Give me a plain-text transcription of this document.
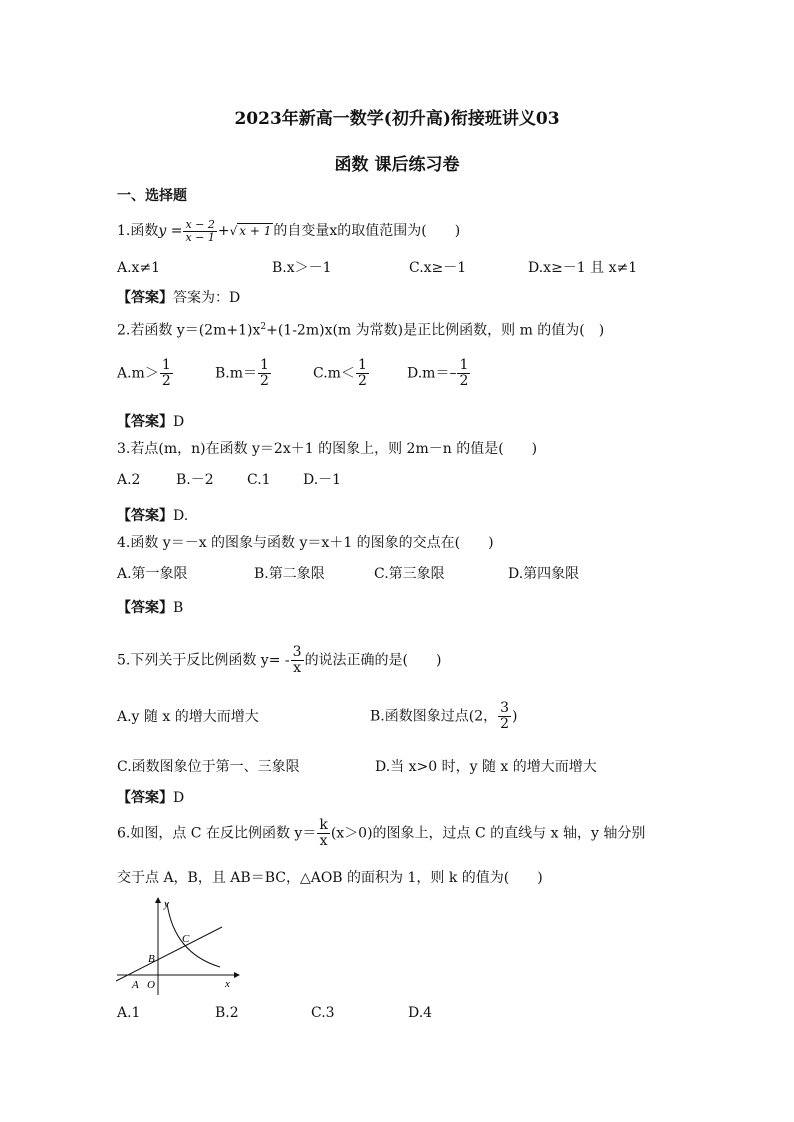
2023年新高一数学(初升高)衔接班讲义03
函数 课后练习卷
一、选择题
1.函数$y = \frac{x - 2}{x - 1}$ +√ x + 1 的自变量x的取值范围为(　　)
A.x≠1	B.x＞－1	C.x≥－1	D.x≥－1 且 x≠1
【答案】答案为：D
2.若函数 $y=(2m+1)x^2+(1-2m)x(m$ 为常数)是正比例函数，则 m 的值为(　)
$A.m> \frac{1}{2}$	$B.m= \frac{1}{2}$	$C.m< \frac{1}{2}$	$D.m=- \frac{1}{2}$
【答案】D
3.若点(m，n)在函数 y＝2x＋1 的图象上，则 2m－n 的值是(　　)
A.2	B.－2 C.1 D.－1
【答案】D.
4.函数 y＝－x 的图象与函数 y＝x＋1 的图象的交点在(　　)
A.第一象限	B.第二象限	C.第三象限	D.第四象限
【答案】B
5.下列关于反比例函数 $y= - \frac{3}{x}$ 的说法正确的是(　　)
A.y 随 x 的增大而增大	B.函数图象过点(2， $\frac{3}{2}$ )
C.函数图象位于第一、三象限	D.当 x>0 时，y 随 x 的增大而增大
【答案】D
6.如图，点 C 在反比例函数 $y= \frac{k}{x} (x>0)$的图象上，过点 C 的直线与 x 轴，y 轴分别
交于点 A，B，且 AB＝BC，△AOB 的面积为 1，则 k 的值为(　　)
y
x
A O
B
C
A.1	B.2	C.3	D.4
